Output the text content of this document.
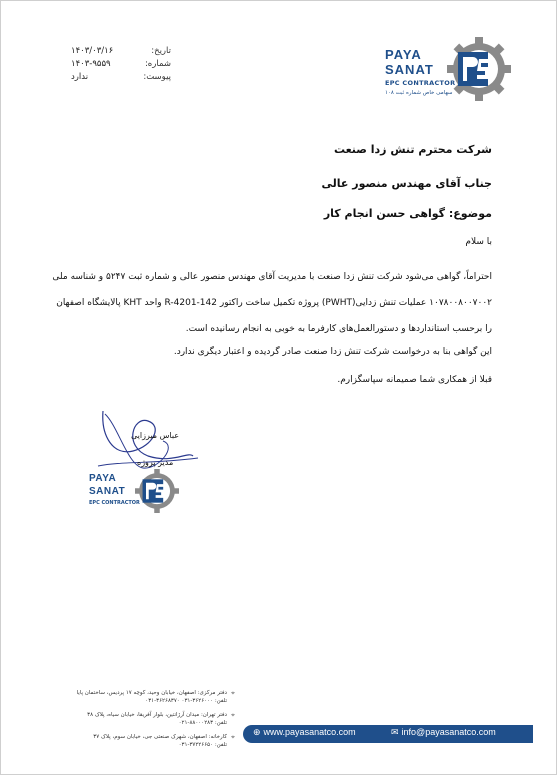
تاریخ:
۱۴۰۳/۰۳/۱۶
شماره:
۱۴۰۳-۹۵۵۹
پیوست:
ندارد
PAYA
SANAT
EPC CONTRACTOR
سهامی خاص شماره ثبت ۱۰۸
شرکت محترم تنش زدا صنعت
جناب آقای مهندس منصور عالی
موضوع: گواهی حسن انجام کار
با سلام
احتراماً، گواهی می‌شود شرکت تنش زدا صنعت با مدیریت آقای مهندس منصور عالی و شماره ثبت ۵۲۴۷ و شناسه ملی ۱۰۷۸۰۰۸۰۰۷۰۰۲ عملیات تنش زدایی(PWHT) پروژه تکمیل ساخت راکتور 142-R-4201 واحد KHT پالایشگاه اصفهان را برحسب استانداردها و دستورالعمل‌های کارفرما به خوبی به انجام رسانیده است.
این گواهی بنا به درخواست شرکت تنش زدا صنعت صادر گردیده و اعتبار دیگری ندارد.
قبلا از همکاری شما صمیمانه سپاسگزارم.
عباس میرزایی
مدیر پروژه
PAYA
SANAT
EPC CONTRACTOR
⌖
دفتر مرکزی: اصفهان، خیابان وحید، کوچه ۱۷ پردیس، ساختمان پایا
تلفن: ۳۶۲۶۰۰۰-۰۳۱ ۳۶۲۶۸۳۷۰-۰۳۱
⌖
دفتر تهران: میدان آرژانتین، بلوار آفریقا، خیابان سیاه، پلاک ۳۸
تلفن: ۸۸۰۰۰۲۸۳-۰۲۱
⌖
کارخانه: اصفهان، شهرک صنعتی جی، خیابان سوم، پلاک ۳۷
تلفن: ۳۷۲۲۶۶۵۰-۰۳۱
⊕ www.payasanatco.com	✉ info@payasanatco.com
